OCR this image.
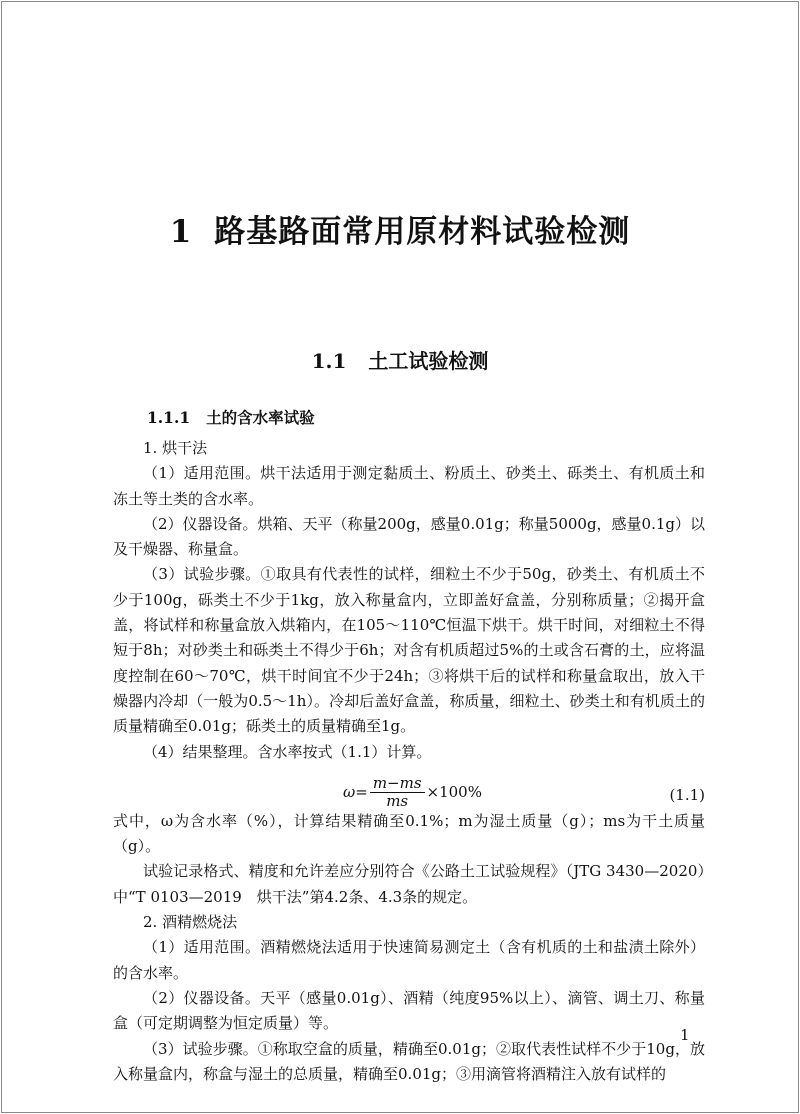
1 路基路面常用原材料试验检测
1.1 土工试验检测
1.1.1 土的含水率试验

1. 烘干法

（1）适用范围。烘干法适用于测定黏质土、粉质土、砂类土、砾类土、有机质土和冻土等土类的含水率。

（2）仪器设备。烘箱、天平（称量200g，感量0.01g；称量5000g，感量0.1g）以及干燥器、称量盒。

（3）试验步骤。①取具有代表性的试样，细粒土不少于50g，砂类土、有机质土不少于100g，砾类土不少于1kg，放入称量盒内，立即盖好盒盖，分别称质量；②揭开盒盖，将试样和称量盒放入烘箱内，在105～110℃恒温下烘干。烘干时间，对细粒土不得短于8h；对砂类土和砾类土不得少于6h；对含有机质超过5%的土或含石膏的土，应将温度控制在60～70℃，烘干时间宜不少于24h；③将烘干后的试样和称量盒取出，放入干燥器内冷却（一般为0.5～1h）。冷却后盖好盒盖，称质量，细粒土、砂类土和有机质土的质量精确至0.01g；砾类土的质量精确至1g。

（4）结果整理。含水率按式（1.1）计算。

$\omega= \frac{m-ms}{ms} \times 100\%$	(1.1)

式中，ω为含水率（%），计算结果精确至0.1%；m为湿土质量（g）；ms为干土质量（g）。

试验记录格式、精度和允许差应分别符合《公路土工试验规程》（JTG 3430—2020）中“T 0103—2019　烘干法”第4.2条、4.3条的规定。

2. 酒精燃烧法

（1）适用范围。酒精燃烧法适用于快速简易测定土（含有机质的土和盐渍土除外）的含水率。

（2）仪器设备。天平（感量0.01g）、酒精（纯度95%以上）、滴管、调土刀、称量盒（可定期调整为恒定质量）等。

（3）试验步骤。①称取空盒的质量，精确至0.01g；②取代表性试样不少于10g，放入称量盒内，称盒与湿土的总质量，精确至0.01g；③用滴管将酒精注入放有试样的

1
